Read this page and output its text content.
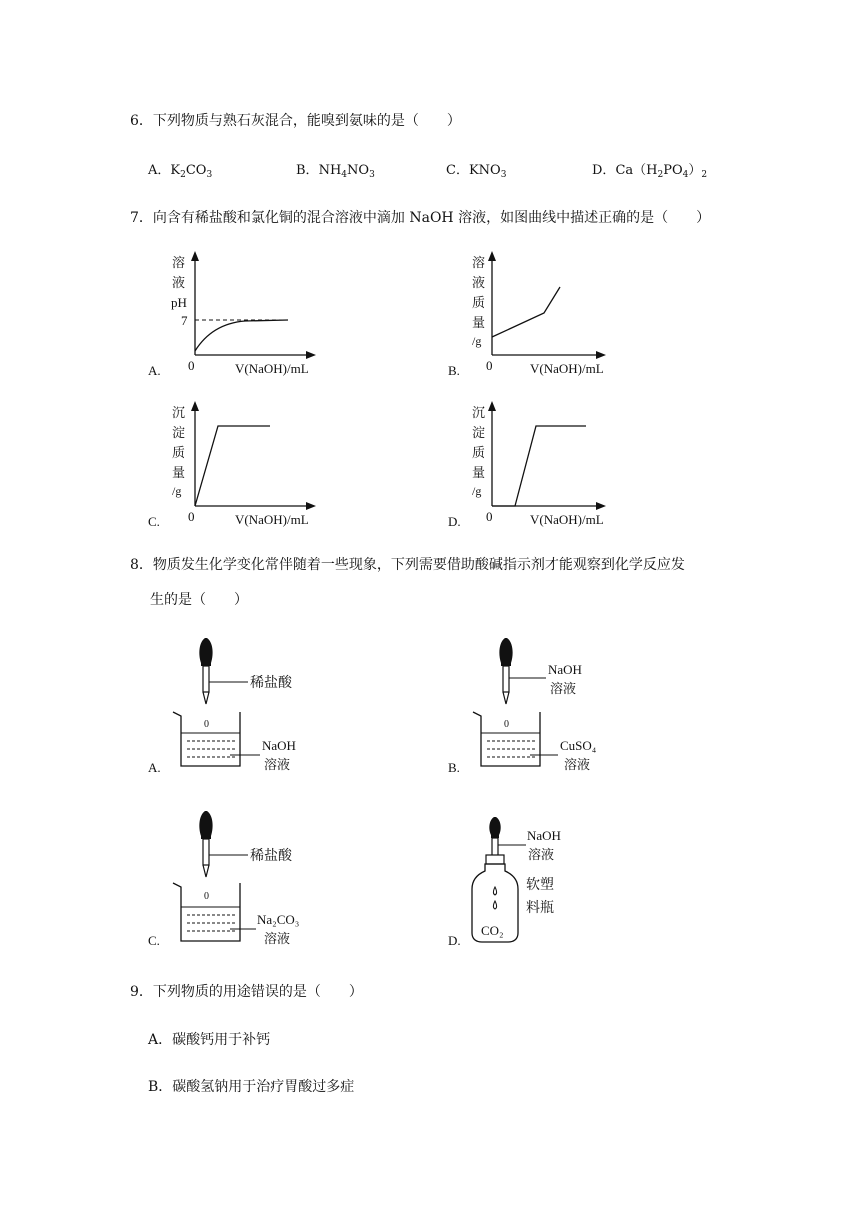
6．下列物质与熟石灰混合，能嗅到氨味的是（　　）
A．$K_2CO_3$	B．$NH_4NO_3$	C．$KNO_3$	D．$Ca(H_2PO_4)_2$
7．向含有稀盐酸和氯化铜的混合溶液中滴加 NaOH 溶液，如图曲线中描述正确的是（　　）
A.
溶
液
pH
7
0	V(NaOH)/mL	B.
溶
液
质
量
/g
0	V(NaOH)/mL
C.
沉
淀
质
量
/g
0	V(NaOH)/mL	D.
沉
淀
质
量
/g
0	V(NaOH)/mL
8．物质发生化学变化常伴随着一些现象，下列需要借助酸碱指示剂才能观察到化学反应发
生的是（　　）
A.
稀盐酸
0
NaOH
溶液	B.
NaOH
溶液
0
CuSO₄
溶液
C.
稀盐酸
0
Na₂CO₃
溶液	D.
NaOH
溶液
CO₂
软塑
料瓶
9．下列物质的用途错误的是（　　）
A．碳酸钙用于补钙
B．碳酸氢钠用于治疗胃酸过多症
